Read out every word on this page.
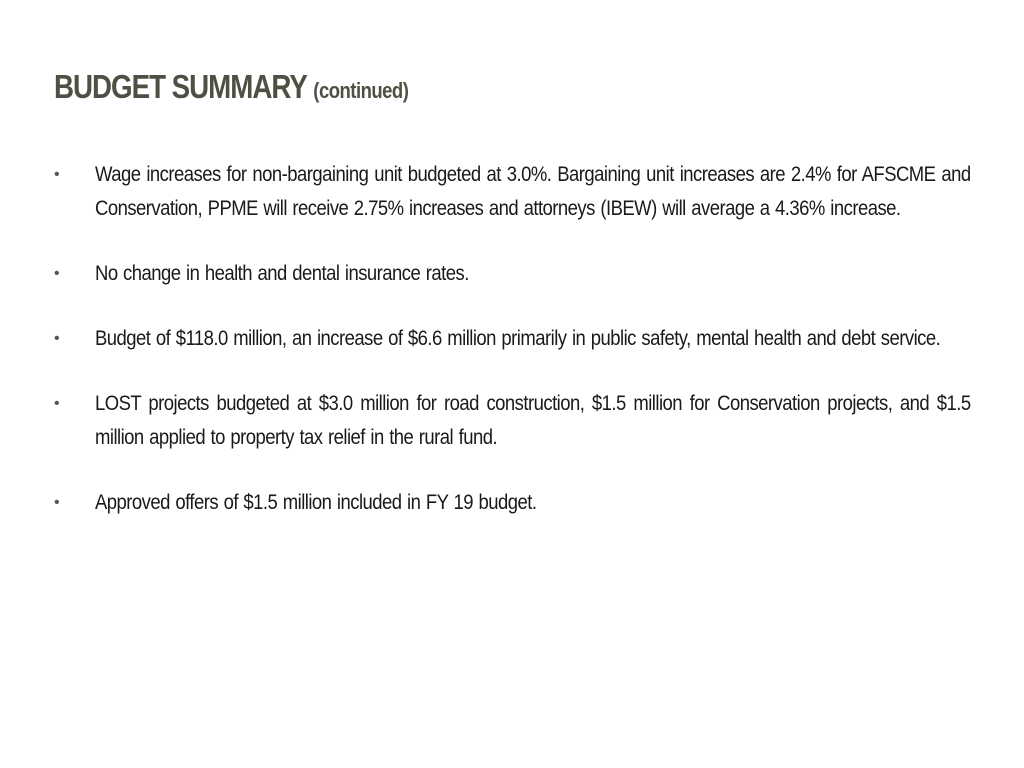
BUDGET SUMMARY (continued)
• Wage increases for non-bargaining unit budgeted at 3.0%. Bargaining unit increases are 2.4% for AFSCME and Conservation, PPME will receive 2.75% increases and attorneys (IBEW) will average a 4.36% increase.
• No change in health and dental insurance rates.
• Budget of $118.0 million, an increase of $6.6 million primarily in public safety, mental health and debt service.
• LOST projects budgeted at $3.0 million for road construction, $1.5 million for Conservation projects, and $1.5 million applied to property tax relief in the rural fund.
• Approved offers of $1.5 million included in FY 19 budget.
